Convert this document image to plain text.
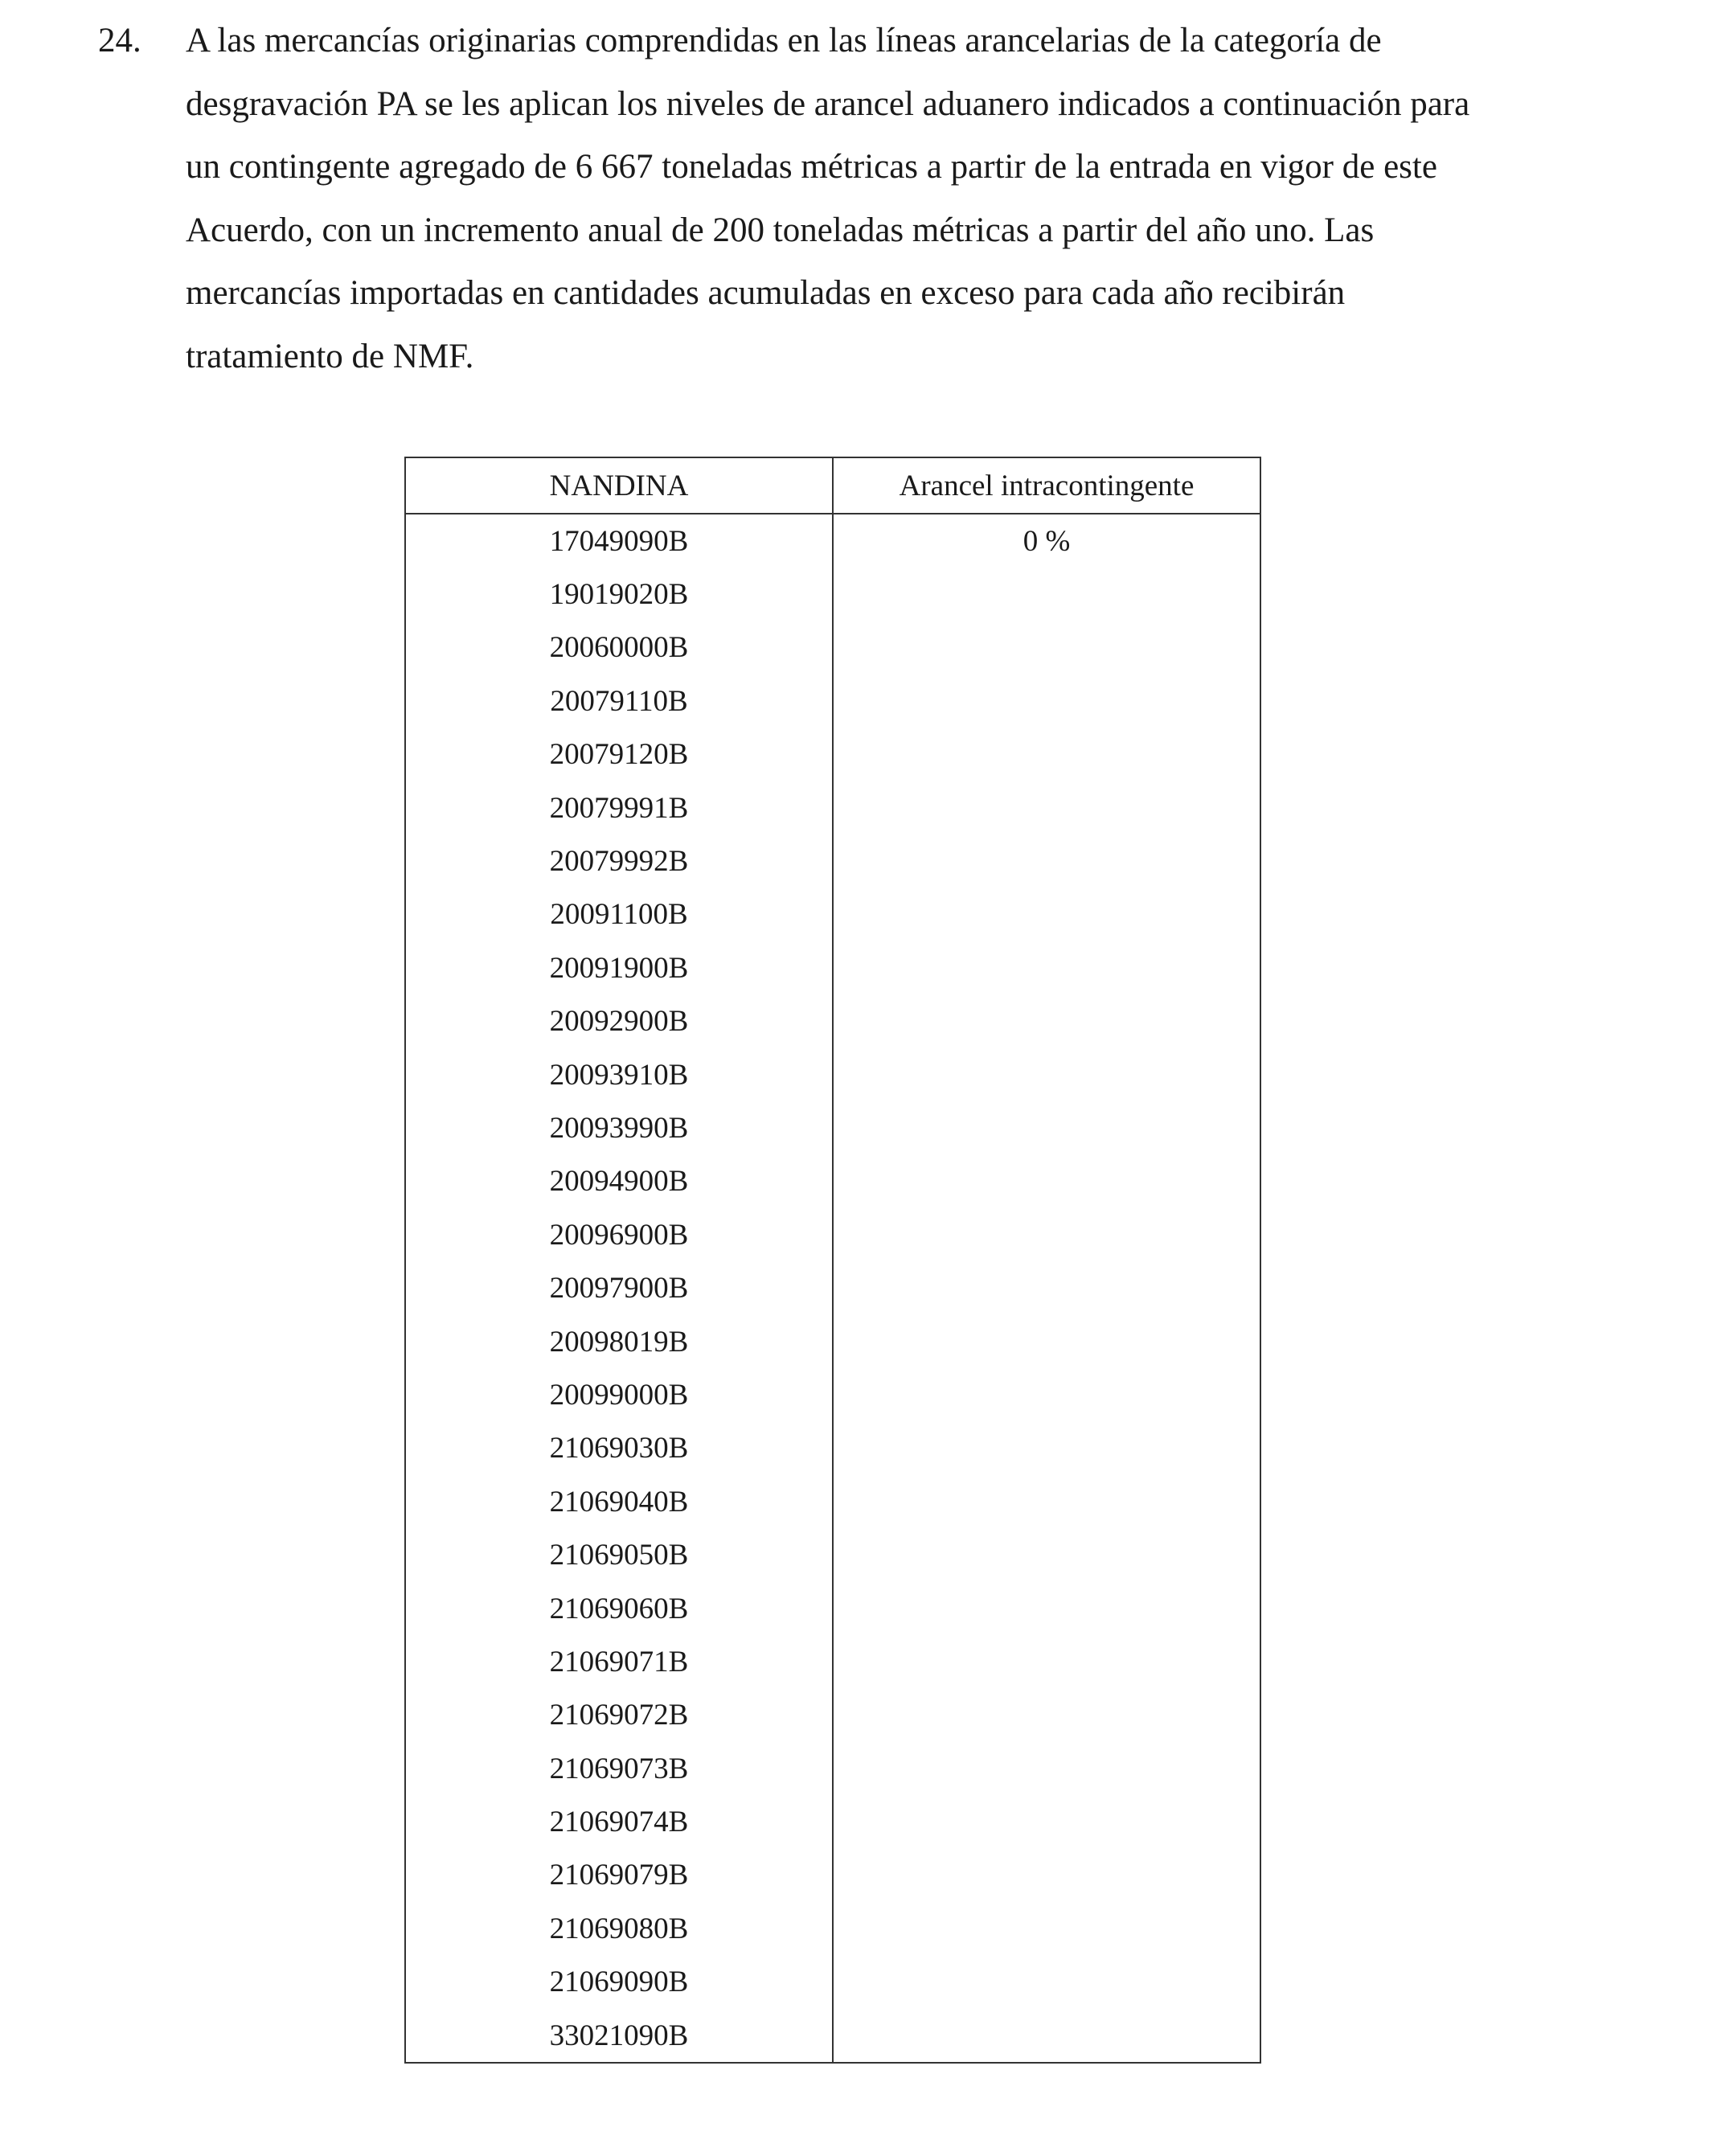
24. A las mercancías originarias comprendidas en las líneas arancelarias de la categoría de
desgravación PA se les aplican los niveles de arancel aduanero indicados a continuación para
un contingente agregado de 6 667 toneladas métricas a partir de la entrada en vigor de este
Acuerdo, con un incremento anual de 200 toneladas métricas a partir del año uno. Las
mercancías importadas en cantidades acumuladas en exceso para cada año recibirán
tratamiento de NMF.
NANDINA	Arancel intracontingente
17049090B	0 %
19019020B	
20060000B	
20079110B	
20079120B	
20079991B	
20079992B	
20091100B	
20091900B	
20092900B	
20093910B	
20093990B	
20094900B	
20096900B	
20097900B	
20098019B	
20099000B	
21069030B	
21069040B	
21069050B	
21069060B	
21069071B	
21069072B	
21069073B	
21069074B	
21069079B	
21069080B	
21069090B	
33021090B	
